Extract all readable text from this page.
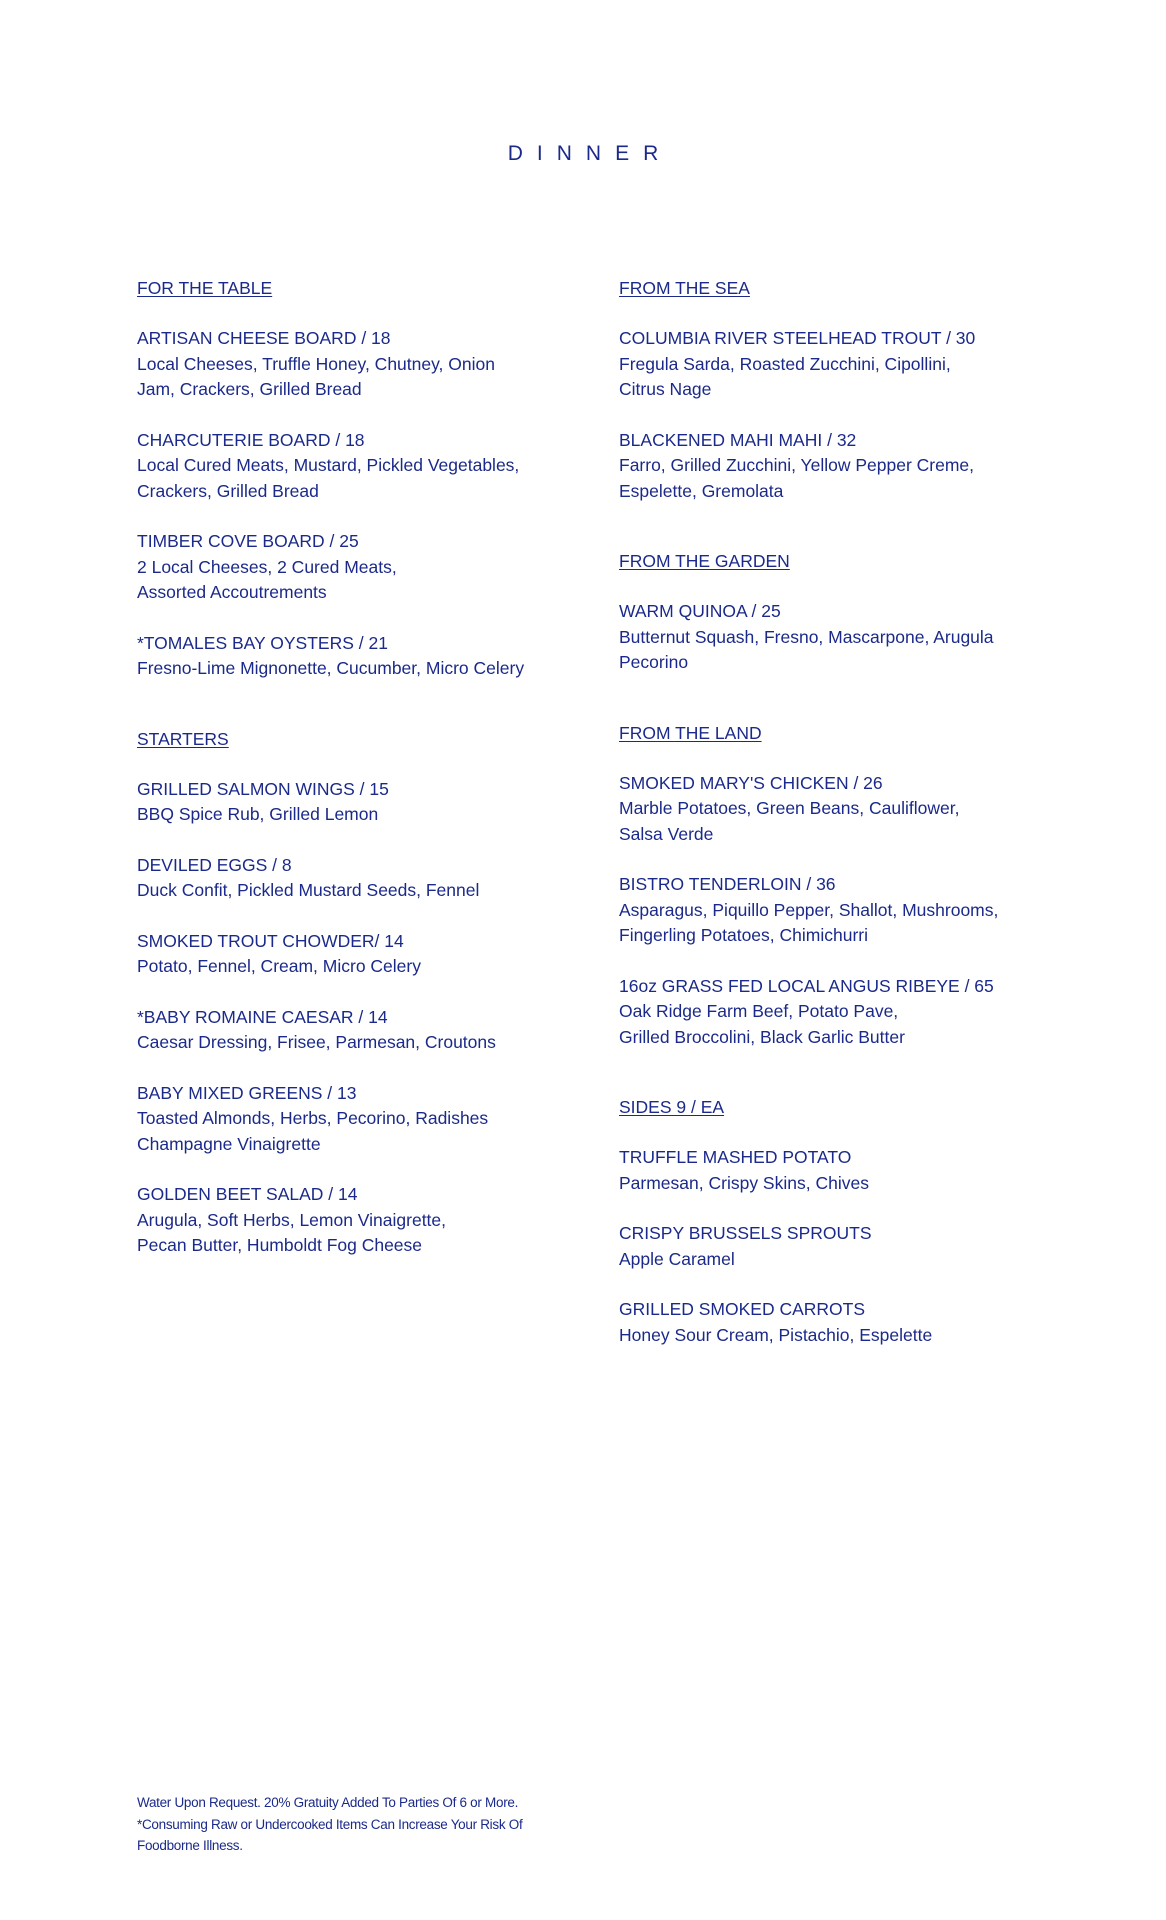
DINNER

FOR THE TABLE

ARTISAN CHEESE BOARD / 18

Local Cheeses, Truffle Honey, Chutney, Onion

Jam, Crackers, Grilled Bread

CHARCUTERIE BOARD / 18

Local Cured Meats, Mustard, Pickled Vegetables,

Crackers, Grilled Bread

TIMBER COVE BOARD / 25

2 Local Cheeses, 2 Cured Meats,

Assorted Accoutrements

*TOMALES BAY OYSTERS / 21

Fresno-Lime Mignonette, Cucumber, Micro Celery

STARTERS

GRILLED SALMON WINGS / 15

BBQ Spice Rub, Grilled Lemon

DEVILED EGGS / 8

Duck Confit, Pickled Mustard Seeds, Fennel

SMOKED TROUT CHOWDER/ 14

Potato, Fennel, Cream, Micro Celery

*BABY ROMAINE CAESAR / 14

Caesar Dressing, Frisee, Parmesan, Croutons

BABY MIXED GREENS / 13

Toasted Almonds, Herbs, Pecorino, Radishes

Champagne Vinaigrette

GOLDEN BEET SALAD / 14

Arugula, Soft Herbs, Lemon Vinaigrette,

Pecan Butter, Humboldt Fog Cheese

FROM THE SEA

COLUMBIA RIVER STEELHEAD TROUT / 30

Fregula Sarda, Roasted Zucchini, Cipollini,

Citrus Nage

BLACKENED MAHI MAHI / 32

Farro, Grilled Zucchini, Yellow Pepper Creme,

Espelette, Gremolata

FROM THE GARDEN

WARM QUINOA / 25

Butternut Squash, Fresno, Mascarpone, Arugula

Pecorino

FROM THE LAND

SMOKED MARY'S CHICKEN / 26

Marble Potatoes, Green Beans, Cauliflower,

Salsa Verde

BISTRO TENDERLOIN / 36

Asparagus, Piquillo Pepper, Shallot, Mushrooms,

Fingerling Potatoes, Chimichurri

16oz GRASS FED LOCAL ANGUS RIBEYE / 65

Oak Ridge Farm Beef, Potato Pave,

Grilled Broccolini, Black Garlic Butter

SIDES 9 / EA

TRUFFLE MASHED POTATO

Parmesan, Crispy Skins, Chives

CRISPY BRUSSELS SPROUTS

Apple Caramel

GRILLED SMOKED CARROTS

Honey Sour Cream, Pistachio, Espelette

Water Upon Request. 20% Gratuity Added To Parties Of 6 or More.

*Consuming Raw or Undercooked Items Can Increase Your Risk Of

Foodborne Illness.
